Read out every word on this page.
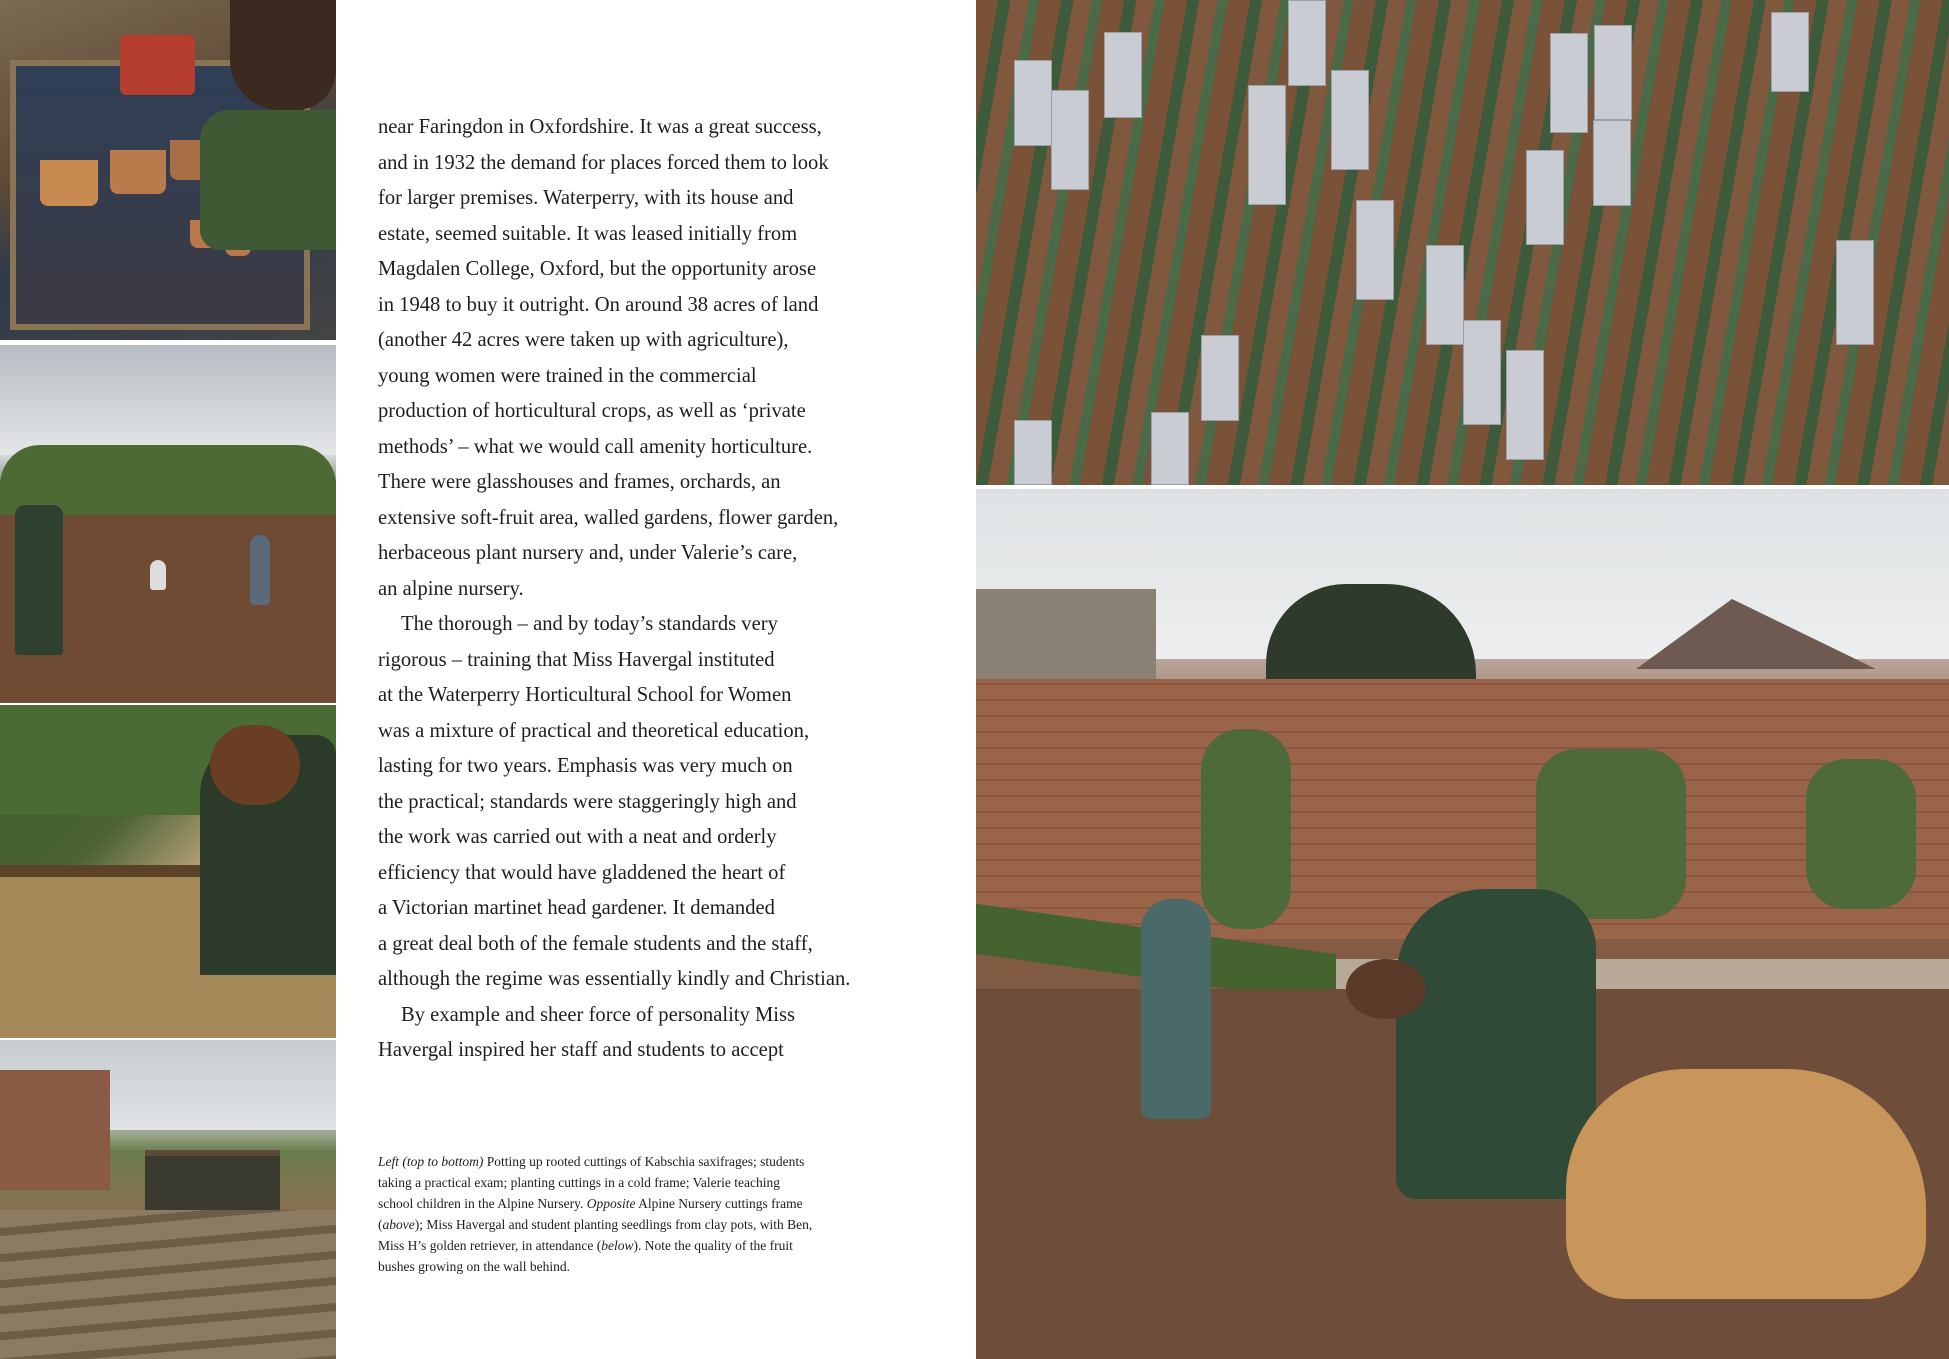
near Faringdon in Oxfordshire. It was a great success,
and in 1932 the demand for places forced them to look
for larger premises. Waterperry, with its house and
estate, seemed suitable. It was leased initially from
Magdalen College, Oxford, but the opportunity arose
in 1948 to buy it outright. On around 38 acres of land
(another 42 acres were taken up with agriculture),
young women were trained in the commercial
production of horticultural crops, as well as ‘private
methods’ – what we would call amenity horticulture.
There were glasshouses and frames, orchards, an
extensive soft-fruit area, walled gardens, flower garden,
herbaceous plant nursery and, under Valerie’s care,
an alpine nursery.
The thorough – and by today’s standards very
rigorous – training that Miss Havergal instituted
at the Waterperry Horticultural School for Women
was a mixture of practical and theoretical education,
lasting for two years. Emphasis was very much on
the practical; standards were staggeringly high and
the work was carried out with a neat and orderly
efficiency that would have gladdened the heart of
a Victorian martinet head gardener. It demanded
a great deal both of the female students and the staff,
although the regime was essentially kindly and Christian.
By example and sheer force of personality Miss
Havergal inspired her staff and students to accept
Left (top to bottom) Potting up rooted cuttings of Kabschia saxifrages; students
taking a practical exam; planting cuttings in a cold frame; Valerie teaching
school children in the Alpine Nursery. Opposite Alpine Nursery cuttings frame
(above); Miss Havergal and student planting seedlings from clay pots, with Ben,
Miss H’s golden retriever, in attendance (below). Note the quality of the fruit
bushes growing on the wall behind.
